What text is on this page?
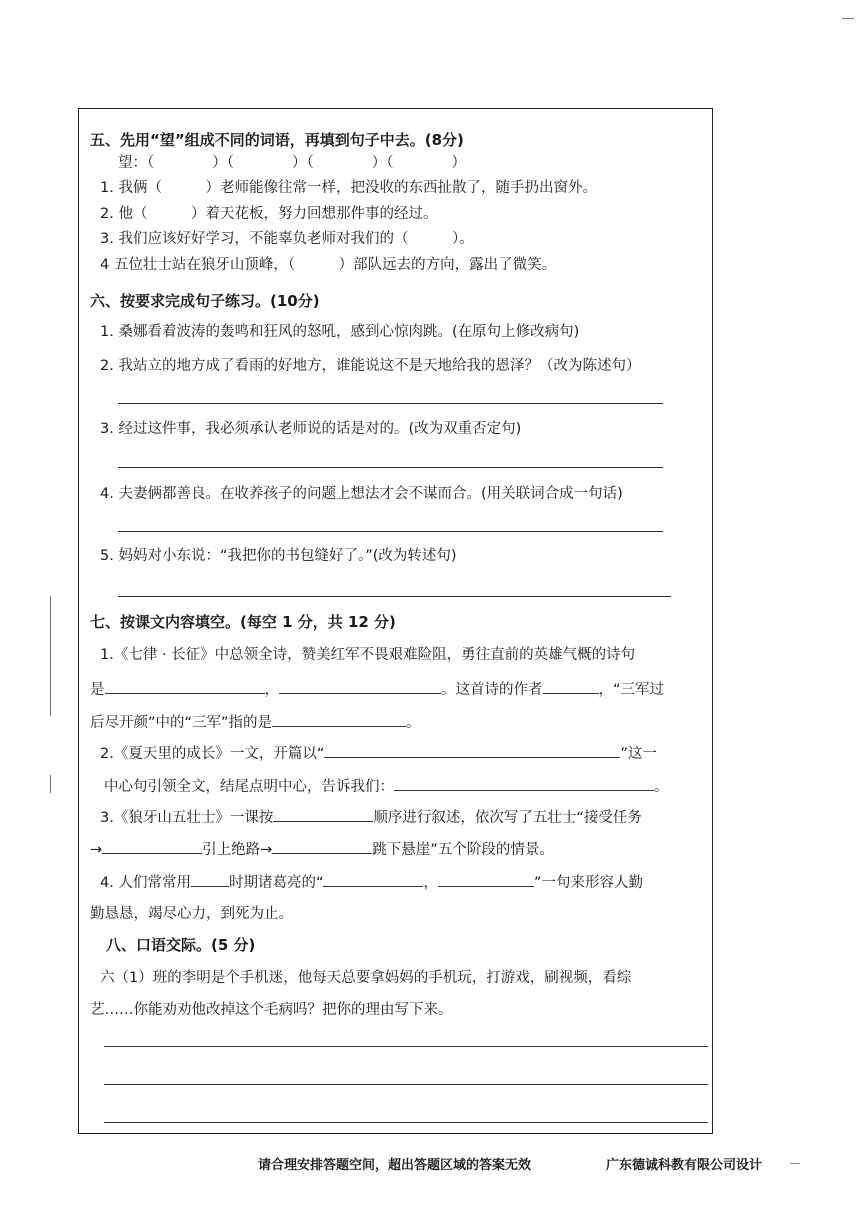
五、先用“望”组成不同的词语，再填到句子中去。(8分)
望：（　　　　）（　　　　）（　　　　）（　　　　）
1. 我俩（　　　）老师能像往常一样，把没收的东西扯散了，随手扔出窗外。
2. 他（　　　）着天花板，努力回想那件事的经过。
3. 我们应该好好学习，不能辜负老师对我们的（　　　）。
4 五位壮士站在狼牙山顶峰，（　　　）部队远去的方向，露出了微笑。
六、按要求完成句子练习。(10分)
1. 桑娜看着波涛的轰鸣和狂风的怒吼，感到心惊肉跳。(在原句上修改病句)
2. 我站立的地方成了看雨的好地方，谁能说这不是天地给我的恩泽？（改为陈述句）
3. 经过这件事，我必须承认老师说的话是对的。(改为双重否定句)
4. 夫妻俩都善良。在收养孩子的问题上想法才会不谋而合。(用关联词合成一句话)
5. 妈妈对小东说：“我把你的书包缝好了。”(改为转述句)
七、按课文内容填空。(每空 1 分，共 12 分)
1.《七律 · 长征》中总领全诗，赞美红军不畏艰难险阻，勇往直前的英雄气概的诗句
是	，	。这首诗的作者	，“三军过
后尽开颜”中的“三军”指的是	。
2.《夏天里的成长》一文，开篇以“	”这一
中心句引领全文，结尾点明中心，告诉我们：	。
3.《狼牙山五壮士》一课按	顺序进行叙述，依次写了五壮士“接受任务
→	引上绝路→	跳下悬崖”五个阶段的情景。
4. 人们常常用	时期诸葛亮的“	，	”一句来形容人勤
勤恳恳，竭尽心力，到死为止。
八、口语交际。(5 分)
六（1）班的李明是个手机迷，他每天总要拿妈妈的手机玩，打游戏，刷视频，看综
艺……你能劝劝他改掉这个毛病吗？把你的理由写下来。
请合理安排答题空间，超出答题区域的答案无效	广东德诚科教有限公司设计
